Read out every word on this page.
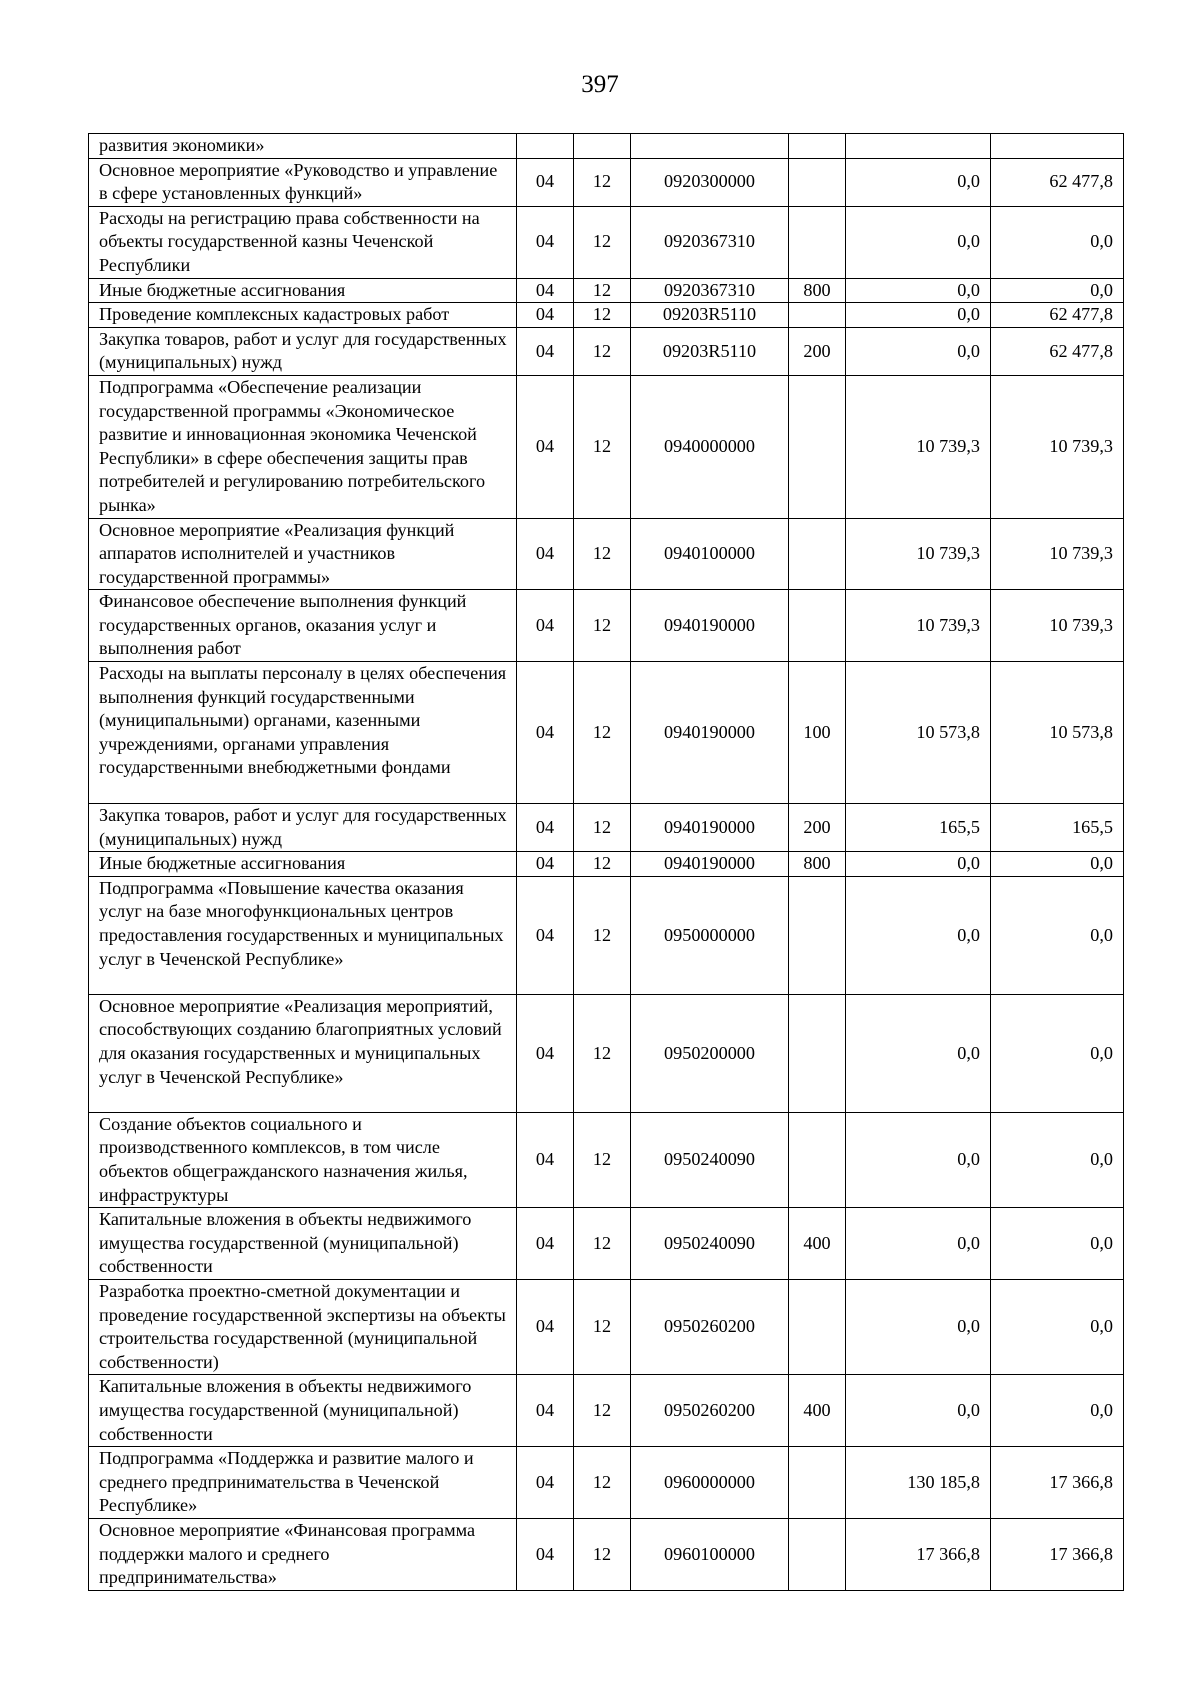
397
развития экономики»						
Основное мероприятие «Руководство и управление в сфере установленных функций»	04	12	0920300000		0,0	62 477,8
Расходы на регистрацию права собственности на объекты государственной казны Чеченской Республики	04	12	0920367310		0,0	0,0
Иные бюджетные ассигнования	04	12	0920367310	800	0,0	0,0
Проведение комплексных кадастровых работ	04	12	09203R5110		0,0	62 477,8
Закупка товаров, работ и услуг для государственных (муниципальных) нужд	04	12	09203R5110	200	0,0	62 477,8
Подпрограмма «Обеспечение реализации государственной программы «Экономическое развитие и инновационная экономика Чеченской Республики» в сфере обеспечения защиты прав потребителей и регулированию потребительского рынка»	04	12	0940000000		10 739,3	10 739,3
Основное мероприятие «Реализация функций аппаратов исполнителей и участников государственной программы»	04	12	0940100000		10 739,3	10 739,3
Финансовое обеспечение выполнения функций государственных органов, оказания услуг и выполнения работ	04	12	0940190000		10 739,3	10 739,3
Расходы на выплаты персоналу в целях обеспечения выполнения функций государственными (муниципальными) органами, казенными учреждениями, органами управления государственными внебюджетными фондами	04	12	0940190000	100	10 573,8	10 573,8
Закупка товаров, работ и услуг для государственных (муниципальных) нужд	04	12	0940190000	200	165,5	165,5
Иные бюджетные ассигнования	04	12	0940190000	800	0,0	0,0
Подпрограмма «Повышение качества оказания услуг на базе многофункциональных центров предоставления государственных и муниципальных услуг в Чеченской Республике»	04	12	0950000000		0,0	0,0
Основное мероприятие «Реализация мероприятий, способствующих созданию благоприятных условий для оказания государственных и муниципальных услуг в Чеченской Республике»	04	12	0950200000		0,0	0,0
Создание объектов социального и производственного комплексов, в том числе объектов общегражданского назначения жилья, инфраструктуры	04	12	0950240090		0,0	0,0
Капитальные вложения в объекты недвижимого имущества государственной (муниципальной) собственности	04	12	0950240090	400	0,0	0,0
Разработка проектно-сметной документации и проведение государственной экспертизы на объекты строительства государственной (муниципальной собственности)	04	12	0950260200		0,0	0,0
Капитальные вложения в объекты недвижимого имущества государственной (муниципальной) собственности	04	12	0950260200	400	0,0	0,0
Подпрограмма «Поддержка и развитие малого и среднего предпринимательства в Чеченской Республике»	04	12	0960000000		130 185,8	17 366,8
Основное мероприятие «Финансовая программа поддержки малого и среднего предпринимательства»	04	12	0960100000		17 366,8	17 366,8
